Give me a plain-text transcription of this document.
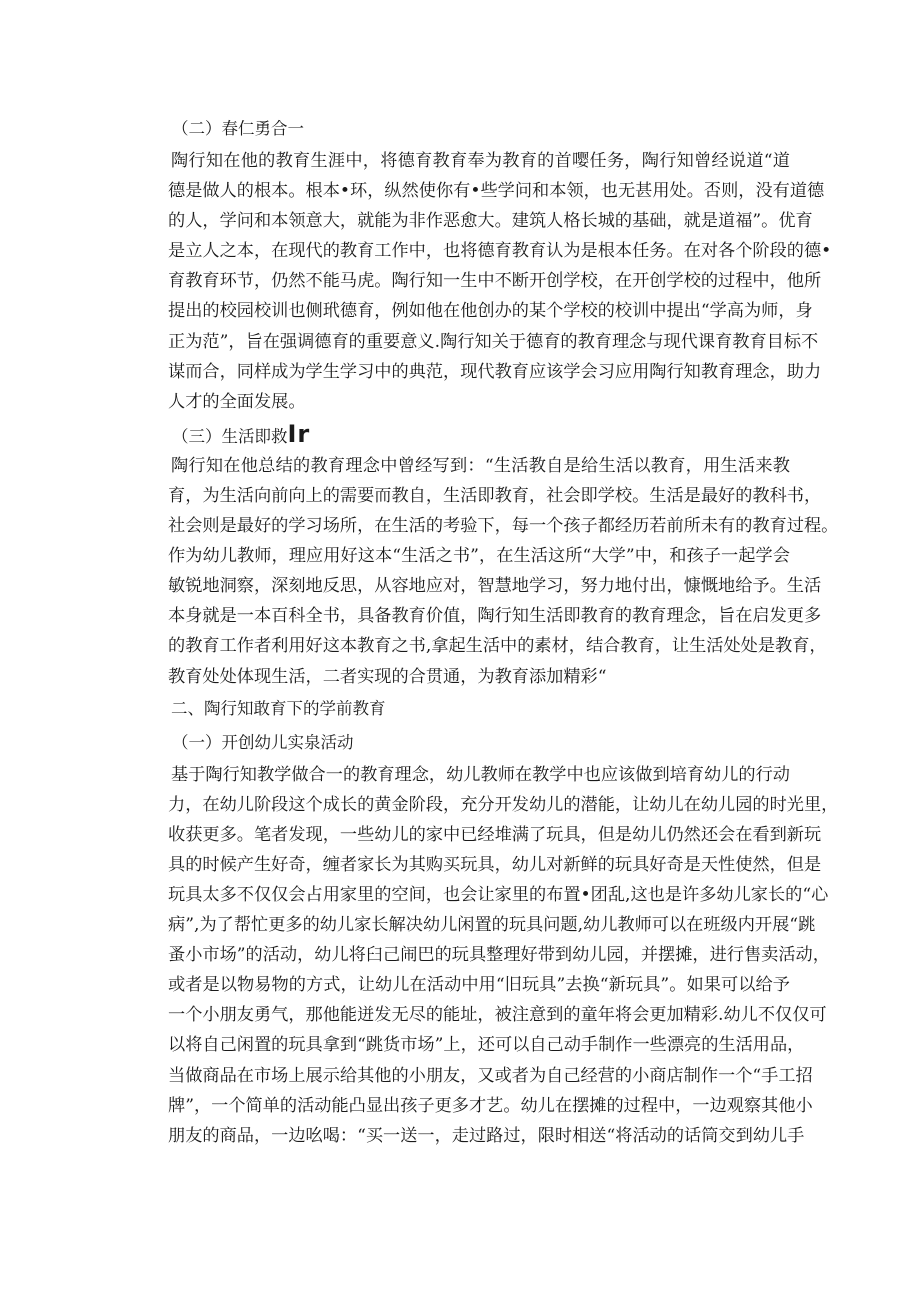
（二）春仁勇合一
陶行知在他的教育生涯中，将德育教育奉为教育的首嘤任务，陶行知曾经说道“道
德是做人的根本。根本•环，纵然使你有•些学问和本领，也无甚用处。否则，没有道德
的人，学问和本领意大，就能为非作恶愈大。建筑人格长城的基础，就是道福”。优育
是立人之本，在现代的教育工作中，也将德育教育认为是根本任务。在对各个阶段的德•
育教育环节，仍然不能马虎。陶行知一生中不断开创学校，在开创学校的过程中，他所
提出的校园校训也侧玳德育，例如他在他创办的某个学校的校训中提出“学高为师，身
正为范”，旨在强调德育的重要意义.陶行知关于德育的教育理念与现代课育教育目标不
谋而合，同样成为学生学习中的典范，现代教育应该学会习应用陶行知教育理念，助力
人才的全面发展。
（三）生活即救Ir
陶行知在他总结的教育理念中曾经写到：“生活教自是给生活以教育，用生活来教
育，为生活向前向上的需要而教自，生活即教育，社会即学校。生活是最好的教科书，
社会则是最好的学习场所，在生活的考验下，每一个孩子都经历若前所未有的教育过程。
作为幼儿教师，理应用好这本“生活之书”，在生活这所“大学”中，和孩子一起学会
敏锐地洞察，深刻地反思，从容地应对，智慧地学习，努力地付出，慷慨地给予。生活
本身就是一本百科全书，具备教育价值，陶行知生活即教育的教育理念，旨在启发更多
的教育工作者利用好这本教育之书,拿起生活中的素材，结合教育，让生活处处是教育，
教育处处体现生活，二者实现的合贯通，为教育添加精彩“
二、陶行知敢育下的学前教育
（一）开创幼儿实泉活动
基于陶行知教学做合一的教育理念，幼儿教师在教学中也应该做到培育幼儿的行动
力，在幼儿阶段这个成长的黄金阶段，充分开发幼儿的潜能，让幼儿在幼儿园的时光里，
收获更多。笔者发现，一些幼儿的家中已经堆满了玩具，但是幼儿仍然还会在看到新玩
具的时候产生好奇，缠者家长为其购买玩具，幼儿对新鲜的玩具好奇是天性使然，但是
玩具太多不仅仅会占用家里的空间，也会让家里的布置•团乱,这也是许多幼儿家长的“心
病”,为了帮忙更多的幼儿家长解决幼儿闲置的玩具问题,幼儿教师可以在班级内开展“跳
蚤小市场”的活动，幼儿将臼己闹巴的玩具整理好带到幼儿园，并摆摊，进行售卖活动，
或者是以物易物的方式，让幼儿在活动中用“旧玩具”去换“新玩具”。如果可以给予
一个小朋友勇气，那他能迸发无尽的能址，被注意到的童年将会更加精彩.幼儿不仅仅可
以将自己闲置的玩具拿到“跳货市场”上，还可以自己动手制作一些漂亮的生活用品，
当做商品在市场上展示给其他的小朋友，又或者为自己经营的小商店制作一个“手工招
牌”，一个简单的活动能凸显出孩子更多才艺。幼儿在摆摊的过程中，一边观察其他小
朋友的商品，一边吆喝：“买一送一，走过路过，限时相送“将活动的话筒交到幼儿手
